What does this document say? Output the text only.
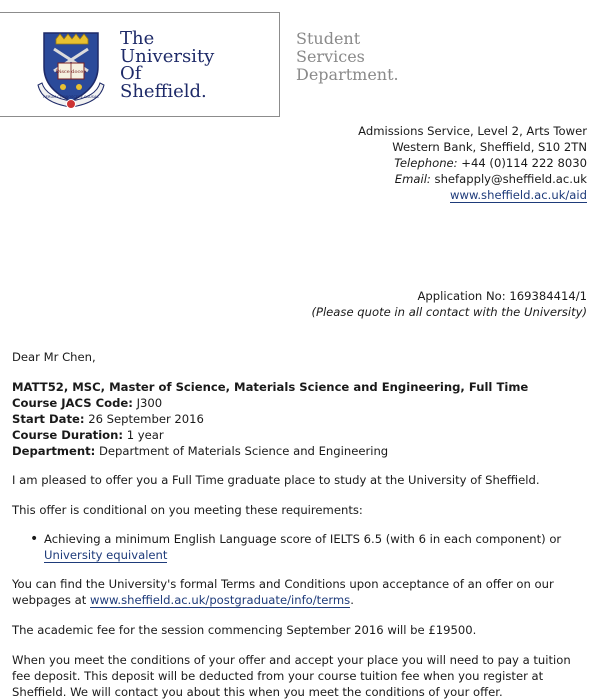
Disce doceo
RERUM COGNOSCERE CAUSAS
The
University
Of
Sheffield.
Student
Services
Department.
Admissions Service, Level 2, Arts Tower
Western Bank, Sheffield, S10 2TN
Telephone: +44 (0)114 222 8030
Email: shefapply@sheffield.ac.uk
www.sheffield.ac.uk/aid
Application No: 169384414/1
(Please quote in all contact with the University)

Dear Mr Chen,

MATT52, MSC, Master of Science, Materials Science and Engineering, Full Time
Course JACS Code: J300
Start Date: 26 September 2016
Course Duration: 1 year
Department: Department of Materials Science and Engineering

I am pleased to offer you a Full Time graduate place to study at the University of Sheffield.

This offer is conditional on you meeting these requirements:

• Achieving a minimum English Language score of IELTS 6.5 (with 6 in each component) or
University equivalent

You can find the University's formal Terms and Conditions upon acceptance of an offer on our webpages at www.sheffield.ac.uk/postgraduate/info/terms.

The academic fee for the session commencing September 2016 will be £19500.

When you meet the conditions of your offer and accept your place you will need to pay a tuition fee deposit. This deposit will be deducted from your course tuition fee when you register at Sheffield. We will contact you about this when you meet the conditions of your offer.
